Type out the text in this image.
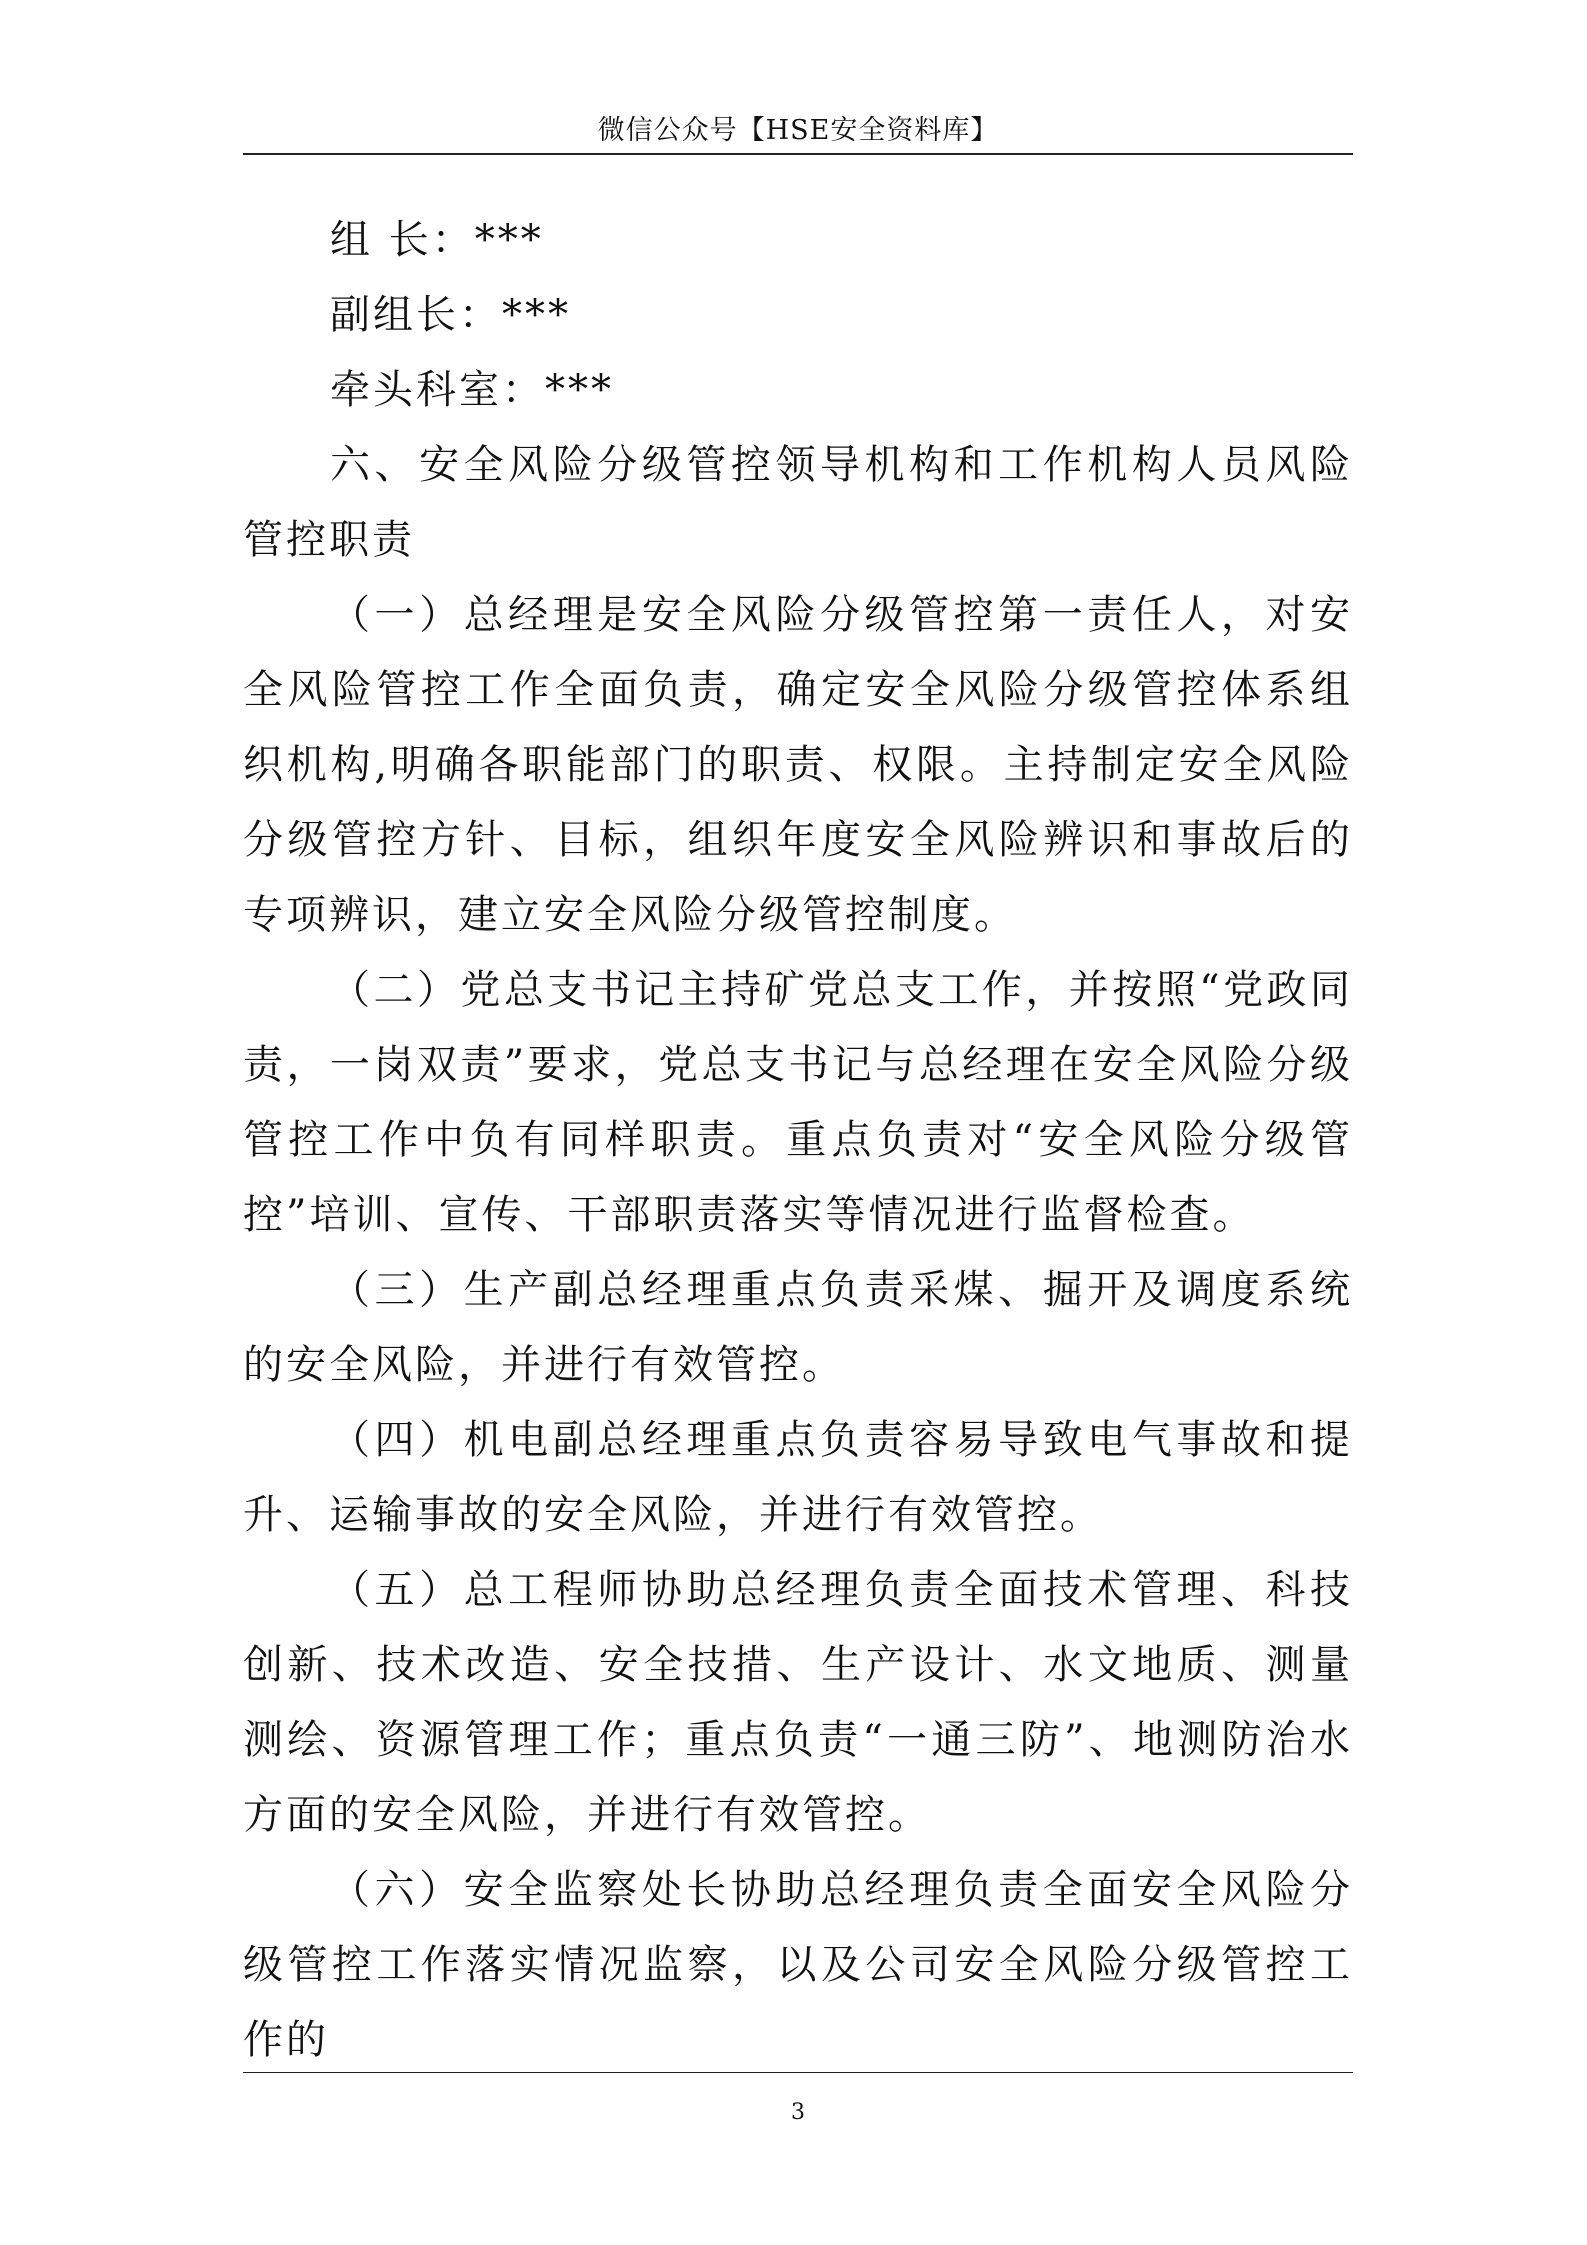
微信公众号【HSE安全资料库】

组 长：***

副组长：***

牵头科室：***

六、安全风险分级管控领导机构和工作机构人员风险管控职责

（一）总经理是安全风险分级管控第一责任人，对安全风险管控工作全面负责，确定安全风险分级管控体系组织机构,明确各职能部门的职责、权限。主持制定安全风险分级管控方针、目标，组织年度安全风险辨识和事故后的专项辨识，建立安全风险分级管控制度。

（二）党总支书记主持矿党总支工作，并按照“党政同责，一岗双责”要求，党总支书记与总经理在安全风险分级管控工作中负有同样职责。重点负责对“安全风险分级管控”培训、宣传、干部职责落实等情况进行监督检查。

（三）生产副总经理重点负责采煤、掘开及调度系统的安全风险，并进行有效管控。

（四）机电副总经理重点负责容易导致电气事故和提升、运输事故的安全风险，并进行有效管控。

（五）总工程师协助总经理负责全面技术管理、科技创新、技术改造、安全技措、生产设计、水文地质、测量测绘、资源管理工作；重点负责“一通三防”、地测防治水方面的安全风险，并进行有效管控。

（六）安全监察处长协助总经理负责全面安全风险分级管控工作落实情况监察，以及公司安全风险分级管控工作的

3
